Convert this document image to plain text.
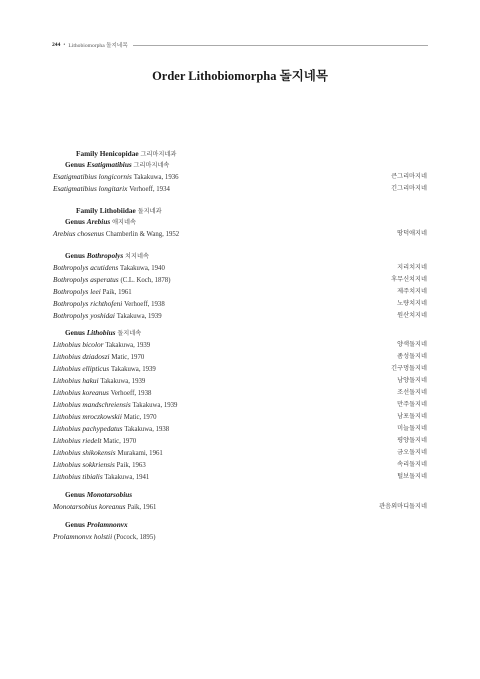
244 • Lithobiomorpha 돌지네목
Order Lithobiomorpha 돌지네목
Family Henicopidae 그리마지네과
Genus Esatigmatibius 그리마지네속
Esatigmatibius longicornis Takakuwa, 1936	큰그리마지네
Esatigmatibius longitarix Verhoeff, 1934	긴그리마지네
Family Lithobiidae 돌지네과
Genus Arebius 애지네속
Arebius chosenus Chamberlin & Wang, 1952	땅덕애지네
Genus Bothropolys 치지네속
Bothropolys acutidens Takakuwa, 1940	지리치지네
Bothropolys asperatus (C.L. Koch, 1878)	후무신치지네
Bothropolys leei Paik, 1961	제주치지네
Bothropolys richthofeni Verhoeff, 1938	노량치지네
Bothropolys yoshidai Takakuwa, 1939	원산치지네
Genus Lithobius 돌지네속
Lithobius bicolor Takakuwa, 1939	양색돌지네
Lithobius dziadoszi Matic, 1970	좀성돌지네
Lithobius ellipticus Takakuwa, 1939	긴구멍돌지네
Lithobius hakui Takakuwa, 1939	남양돌지네
Lithobius koreanus Verhoeff, 1938	조선돌지네
Lithobius mandschreiensis Takakuwa, 1939	만주돌지네
Lithobius mroczkowskii Matic, 1970	남포돌지네
Lithobius pachypedatus Takakuwa, 1938	미늘돌지네
Lithobius riedelt Matic, 1970	평양돌지네
Lithobius shikokensis Murakami, 1961	금오돌지네
Lithobius sokkriensis Paik, 1963	속리돌지네
Lithobius tibialis Takakuwa, 1941	털보돌지네
Genus Monotarsobius
Monotarsobius koreanus Paik, 1961	관음외마디돌지네
Genus Prolamnonvx
Prolamnonvx holstii (Pocock, 1895)
